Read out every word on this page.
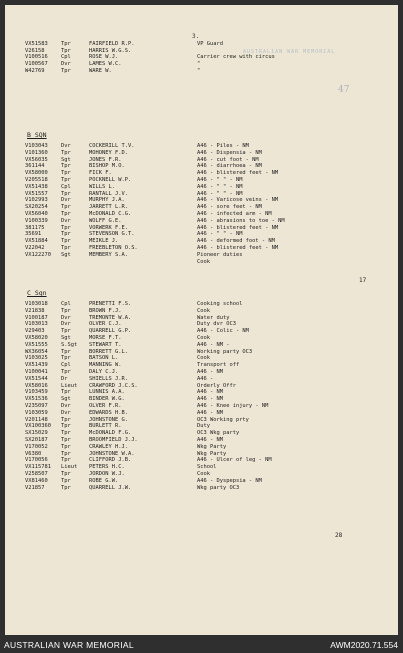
3.
AUSTRALIAN WAR MEMORIAL
47
VX51583 Tpr	FAIRFIELD R.P.	VP Guard
V26158	Tpr	HARRIS W.G.S.
V100516 Cpl	ROSE W.J.	Carrier crew with circus
V100567 Dvr	LAMES W.C.	"
W42769	Tpr	WARE W.	"
B SQN
V103043 Dvr	COCKERILL T.V.	A46 - Piles - NM
V101360 Tpr	MOHONEY F.D.	A46 - Dispensia - NM
VX56035 Sgt	JONES F.R.	A46 - cut foot - NM
361144	Tpr	BISHOP M.O.	A46 - diarrhoea - NM
VX58000 Tpr	FICK F.	A46 - blistered feet - NM
V205518 Tpr	POCKNELL W.P.	A46 - " " - NM
VX51438 Cpl	WILLS L.	A46 - " " - NM
VX51557 Tpr	RANTALL J.V.	A46 - " " - NM
V102993 Dvr	MURPHY J.A.	A46 - Varicose veins - NM
SX20254 Tpr	JARRETT L.R.	A46 - sore feet - NM
VX56040 Tpr	McDONALD C.G.	A46 - infected arm - NM
V100339 Dvr	WOLFF G.E.	A46 - abrasions to toe - NM
381175	Tpr	VORWERK F.E.	A46 - blistered feet - NM
35691	Tpr	STEVENSON G.T.	A46 - " " - NM
VX51884 Tpr	MEIKLE J.	A46 - deformed foot - NM
V22042	Tpr	FREEBLETON O.S.	A46 - blistered feet - NM
VX122270 Sgt	MEMBERY S.A.	Pioneer duties
Cook
C Sqn
V103018 Cpl	PRENETTI F.S.	Cooking school
V21838	Tpr	BROWN F.J.	Cook
V100187 Dvr	TREMONTE W.A.	Water duty
V103013 Dvr	OLVER C.J.	Duty dvr OC3
V29403	Tpr	QUARRELL G.P.	A46 - Colic - NM
VX58020 Sgt	MORSE F.T.	Cook
VX51555 S.Sgt STEWART T.	A46 - NM -
WX36054 Tpr	BORRETT G.L.	Working party OC3
V103025 Tpr	BATSON L.	Cook
VX51439 Cpl	MANNING W.	Transport off
V100041 Tpr	DALY C.J.	A46 - NM
VX51544 Dr	SHIELLS J.R.	A46 -
VX58016 Lieut CRAWFORD J.C.S.	Orderly Offr
V103459 Tpr	LUNNIS A.A.	A46 - NM
VX51536 Sgt	BINDER W.G.	A46 - NM
V235097 Dvr	OLVER F.R.	A46 - Knee injury - NM
V103059 Dvr	EDWARDS H.B.	A46 - NM
V201148 Tpr	JOHNSTONE G.	OC3 Working prty
VX100360 Tpr	BURLETT R.	Duty
SX15029 Tpr	McDONALD F.G.	OC3 Wkg party
SX20187 Tpr	BROOMFIELD J.J.	A46 - NM
V170052 Tpr	CRAWLEY H.J.	Wkg Party
V6380	Tpr	JOHNSTONE W.A.	Wkg Party
V170056 Tpr	CLIFFORD J.B.	A46 - Ulcer of leg - NM
VX115781 Lieut PETERS H.C.	School
V258507 Tpr	JORDON W.J.	Cook
VX81460 Tpr	ROBE G.W.	A46 - Dyspepsia - NM
V21857	Tpr	QUARRELL J.W.	Wkg party OC3
17
28
AUSTRALIAN WAR MEMORIAL	AWM2020.71.554
